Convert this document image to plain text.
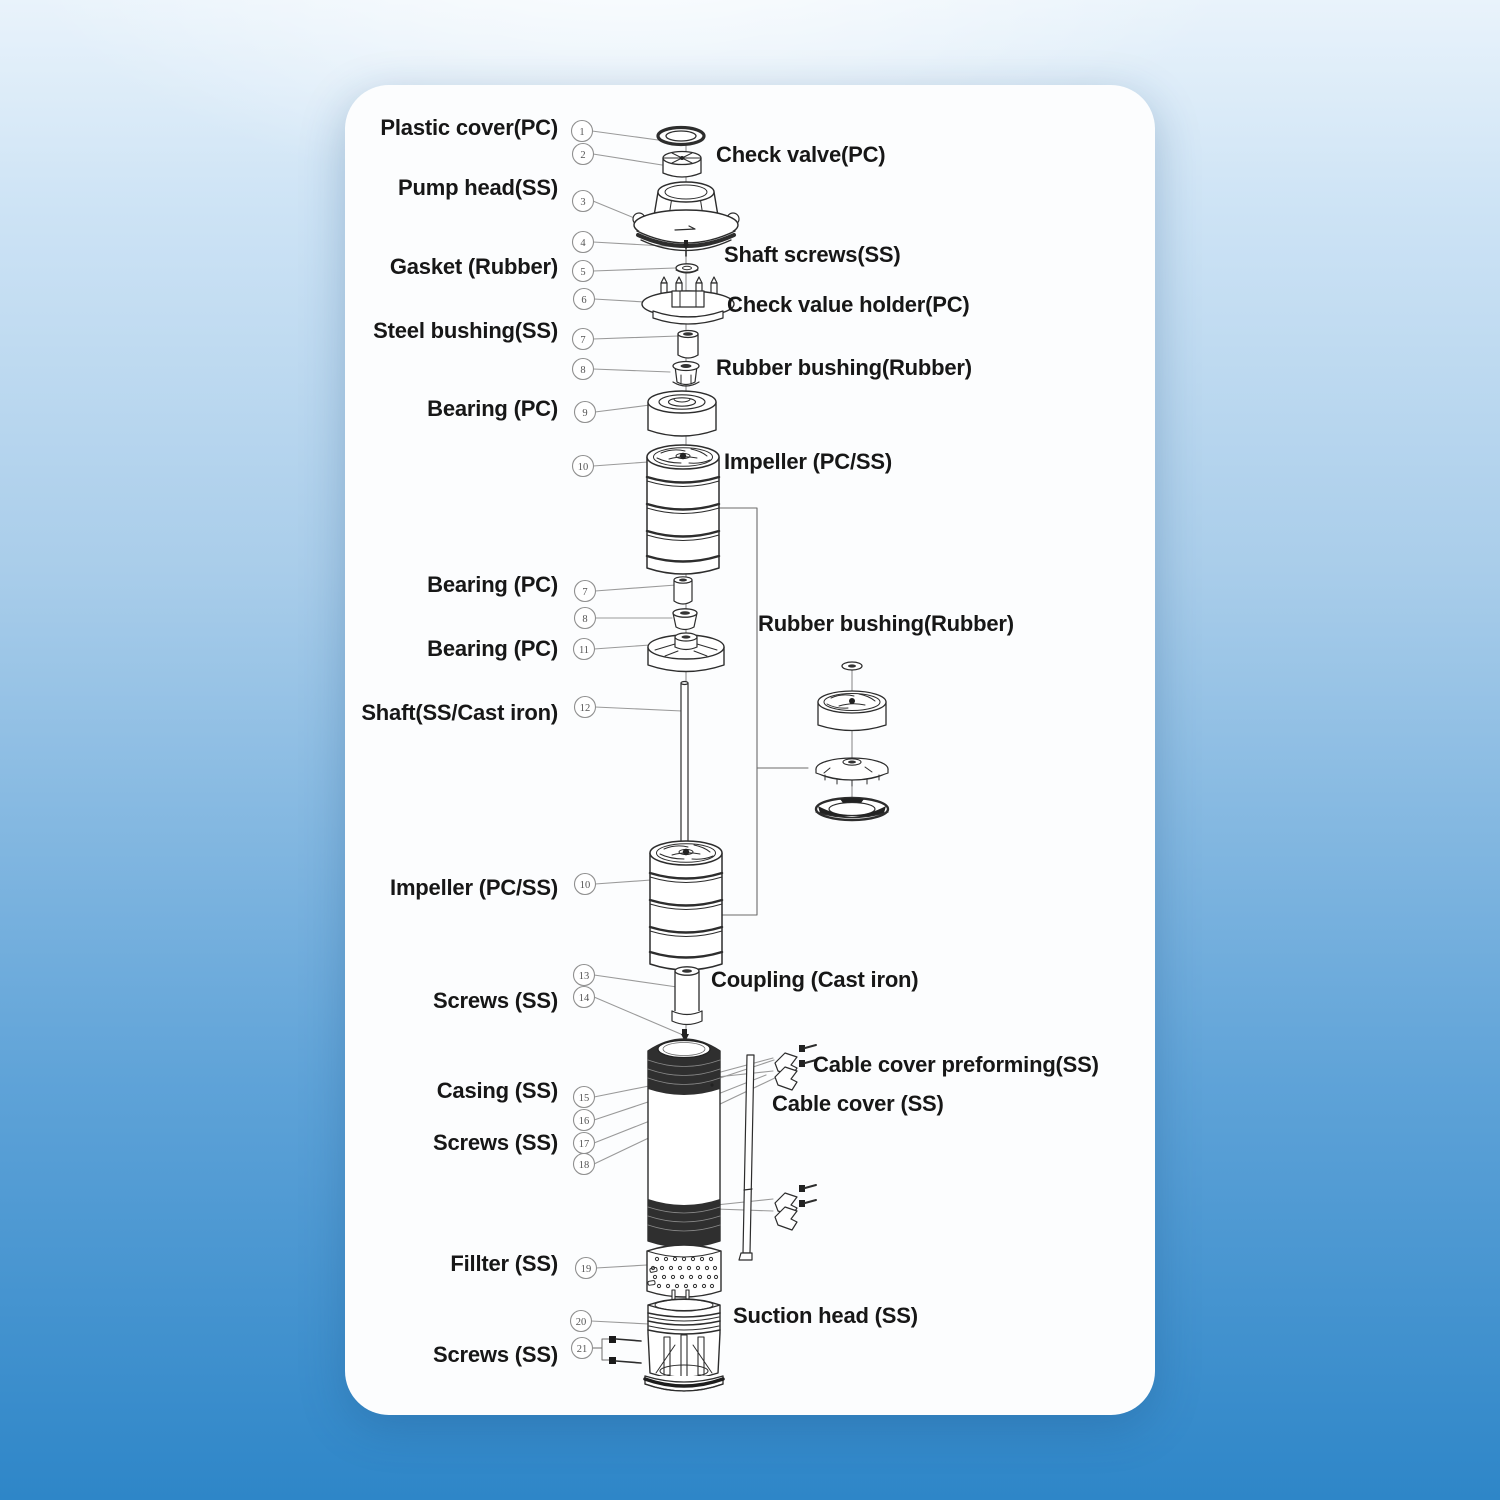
1
2
3
4
5
6
7
8
9
10
7
8
11
12
10
13
14
15
16
17
18
19
20
21
Plastic cover(PC)
Pump head(SS)
Gasket (Rubber)
Steel bushing(SS)
Bearing (PC)
Bearing (PC)
Bearing (PC)
Shaft(SS/Cast iron)
Impeller (PC/SS)
Screws (SS)
Casing (SS)
Screws (SS)
Fillter (SS)
Screws (SS)
Check valve(PC)
Shaft screws(SS)
Check value holder(PC)
Rubber bushing(Rubber)
Impeller (PC/SS)
Rubber bushing(Rubber)
Coupling (Cast iron)
Cable cover preforming(SS)
Cable cover (SS)
Suction head (SS)
